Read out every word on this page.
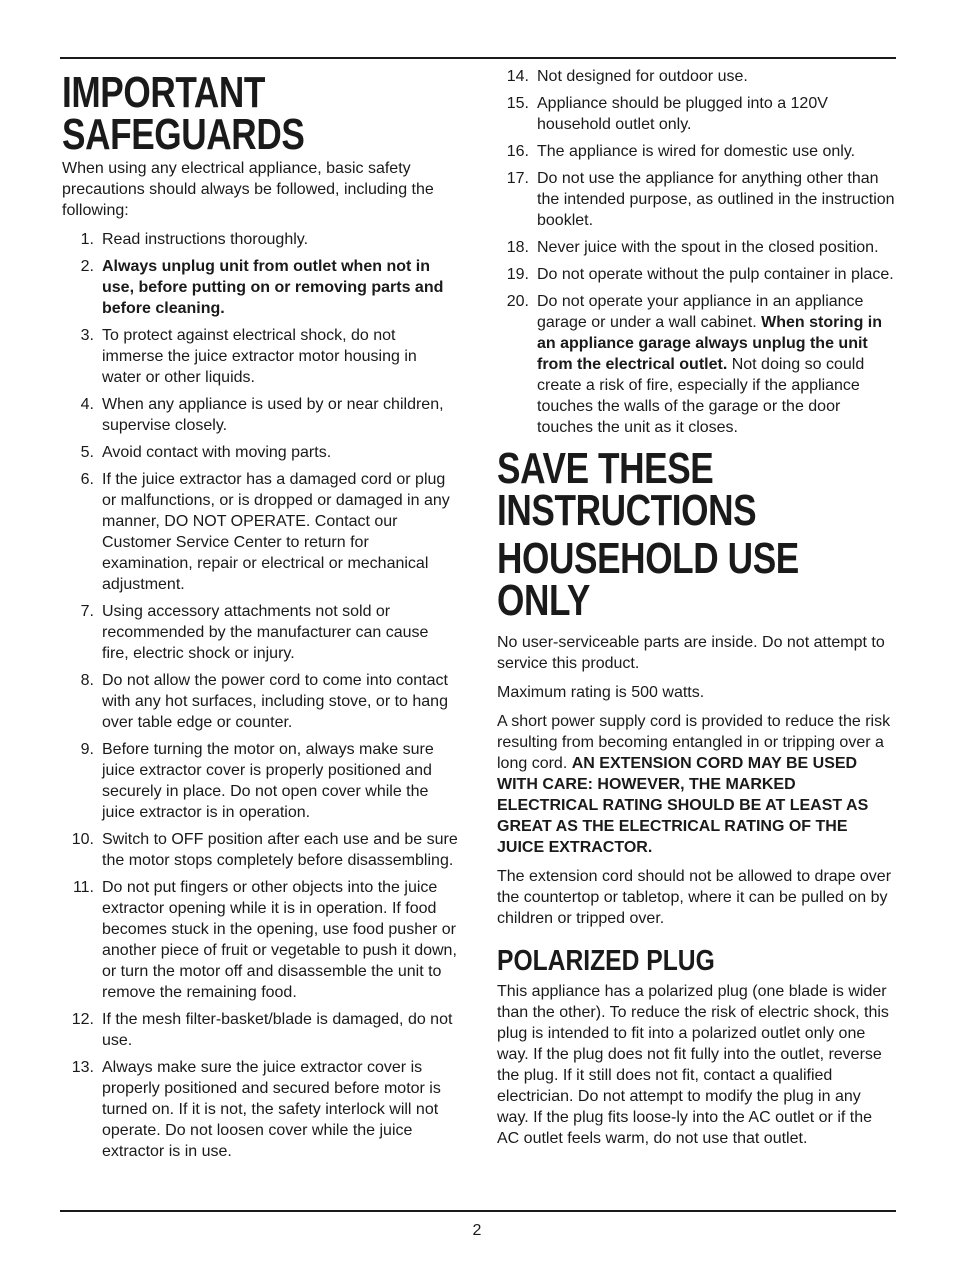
IMPORTANT SAFEGUARDS

When using any electrical appliance, basic safety precautions should always be followed, including the following:

1. Read instructions thoroughly.
2. Always unplug unit from outlet when not in use, before putting on or removing parts and before cleaning.
3. To protect against electrical shock, do not immerse the juice extractor motor housing in water or other liquids.
4. When any appliance is used by or near children, supervise closely.
5. Avoid contact with moving parts.
6. If the juice extractor has a damaged cord or plug or malfunctions, or is dropped or damaged in any manner, DO NOT OPERATE. Contact our Customer Service Center to return for examination, repair or electrical or mechanical adjustment.
7. Using accessory attachments not sold or recommended by the manufacturer can cause fire, electric shock or injury.
8. Do not allow the power cord to come into contact with any hot surfaces, including stove, or to hang over table edge or counter.
9. Before turning the motor on, always make sure juice extractor cover is properly positioned and securely in place. Do not open cover while the juice extractor is in operation.
10. Switch to OFF position after each use and be sure the motor stops completely before disassembling.
11. Do not put fingers or other objects into the juice extractor opening while it is in operation. If food becomes stuck in the opening, use food pusher or another piece of fruit or vegetable to push it down, or turn the motor off and disassemble the unit to remove the remaining food.
12. If the mesh filter-basket/blade is damaged, do not use.
13. Always make sure the juice extractor cover is properly positioned and secured before motor is turned on. If it is not, the safety interlock will not operate. Do not loosen cover while the juice extractor is in use.
14. Not designed for outdoor use.
15. Appliance should be plugged into a 120V household outlet only.
16. The appliance is wired for domestic use only.
17. Do not use the appliance for anything other than the intended purpose, as outlined in the instruction booklet.
18. Never juice with the spout in the closed position.
19. Do not operate without the pulp container in place.
20. Do not operate your appliance in an appliance garage or under a wall cabinet. When storing in an appliance garage always unplug the unit from the electrical outlet. Not doing so could create a risk of fire, especially if the appliance touches the walls of the garage or the door touches the unit as it closes.
SAVE THESE
INSTRUCTIONS
HOUSEHOLD USE ONLY

No user-serviceable parts are inside. Do not attempt to service this product.

Maximum rating is 500 watts.

A short power supply cord is provided to reduce the risk resulting from becoming entangled in or tripping over a long cord. AN EXTENSION CORD MAY BE USED WITH CARE: HOWEVER, THE MARKED ELECTRICAL RATING SHOULD BE AT LEAST AS GREAT AS THE ELECTRICAL RATING OF THE JUICE EXTRACTOR.

The extension cord should not be allowed to drape over the countertop or tabletop, where it can be pulled on by children or tripped over.

POLARIZED PLUG

This appliance has a polarized plug (one blade is wider than the other). To reduce the risk of electric shock, this plug is intended to fit into a polarized outlet only one way. If the plug does not fit fully into the outlet, reverse the plug. If it still does not fit, contact a qualified electrician. Do not attempt to modify the plug in any way. If the plug fits loose-ly into the AC outlet or if the AC outlet feels warm, do not use that outlet.

2
